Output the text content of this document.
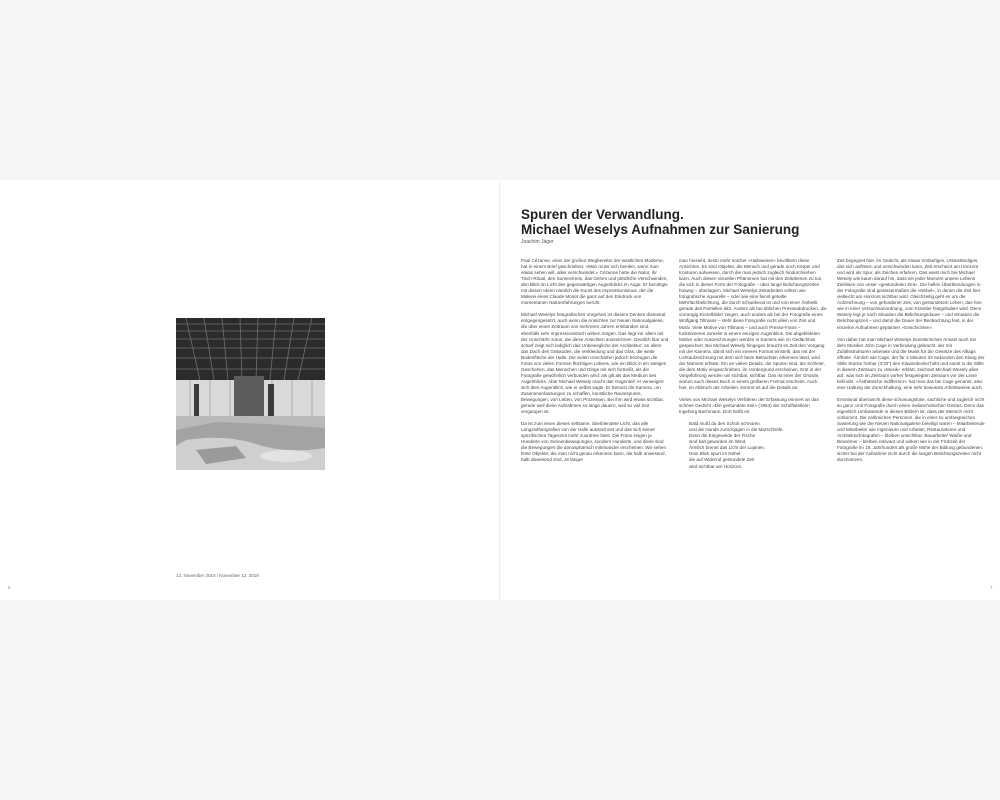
12. November 2019 / November 12, 2019
6
Spuren der Verwandlung.
Michael Weselys Aufnahmen zur Sanierung
Joachim Jäger

Paul Cézanne, einer der großen Wegbereiter der westlichen Moderne, hat in einem Brief geschrieben: »Man muss sich beeilen, wenn man etwas sehen will, alles verschwindet.« Cézanne hatte die Natur, ihr Tisch-Ritual, den Sonnenkreis, das Gehen und plötzliche Verschwinden, den Blick im Licht des gegenwärtigen Augenblicks im Auge. Er benötigte mit diesen Ideen nämlich die Kunst des Impressionismus, der die Malerei eines Claude Monet die ganz auf den Eindruck von momentanen Naturerfahrungen beruht.

Michael Weselys fotografisches Vorgehen ist diesem Denken diametral entgegengesetzt, auch wenn die Ansichten zur Neuen Nationalgalerie, die über einen Zeitraum von mehreren Jahren entstanden sind, ebenfalls sehr impressionistisch wirken mögen. Das liegt vor allem mit der Unschärfe zutun, die diese Ansichten auszeichnen. Deutlich klar und scharf zeigt sich lediglich das Unbewegliche der Architektur: an allem das Dach des Gebäudes, die Verkleidung und das Glas, die weite Bodenfläche der Halle. Die vielen Unschärfen jedoch bezeugen die Fotos von vielen Formen flüchtigen Lebens, wie ein Blick in ein stetiges Geschehen, das Menschen und Dinge mit sich fortreißt, als die Fotografie gewöhnlich verbunden wird: als gilt als das Medium des Augenblicks. Aber Michael Wesely macht das Gegenteil: er verweigert sich dem Augenblick, wie er selbst sagte. Er benutzt die Kamera, um Zusammenfassungen zu schaffen, kunstliche Raumspuren, Bewegungen, von Leben, von Prozessen. Bei ihm wird etwas sichtbar, gerade weil diese Aufnahmen so lange dauern, weil so viel Zeit vergangen ist.

Da ist zum einen dieses seltsame, überblendete Licht, das alle Langzeitfotografien von der Halle auszeichnet und das sich keiner spezifischen Tageszeit mehr zuordnen lässt. Die Fotos zeigen ja Hunderte von Sonnenbewegungen, sondern Hunderte, und diese sind die Bewegungen die atmosphärisch miteinander erscheinen. Wir sehen feste Objekte, die man nicht genau erkennen kann, die halb anwesend, halb abwesend sind. Je länger

man hinsieht, desto mehr solcher »Halbwesen« bevölkern diese Ansichten. Es sind Objekte, die Mensch und gerade noch Körper und Konturen aufweisen, durch die man jedoch zugleich hindurchsehen kann. Auch diesen visuellen Phänomen hat mit den Zeitebenen zu tun, die sich in dieser Form der Fotografie – über lange Belichtungszeiten hinweg – überlagern. Michael Weselys Zeitarbeiten wirken wie fotografische Aquarelle – oder wie eine feinst geteilte Mehrfachbelichtung, die durch schwebend ist und von einer Ästhetik gerade des Partiellen lebt. Anders als bei üblichen Presseabdrucken, die vorrangig Einzelbilder zeigen, auch anders als bei der Fotografie eines Wolfgang Tillmans – steht diese Fotografie nicht allein von Zeit und Motiv. Viele Motive von Tillmans – und auch Presse-Fotos – funktionieren zumeist in einem einzigen Augenblick. Die abgebildeten Motive oder Auszeichnungen werden in Kamera wie im Gedächtnis gespeichert. Bei Michael Wesely hingegen braucht es Zeit den Vorgang mit der Kamera, damit sich ein inneres Format einstellt, das mit der Lichtaufzeichnung mit dem sich beim Betrachten erkennen lässt, wird der Moment erfasst. Ein an vielen Details, die Spuren sind, die Schleier, die dem Motiv eingeschrieben, im Vordergrund erscheinen. Erst in der Vorgeführung werden wir sichtbar, sichtbar. Das ist einer der Gründe, warum auch dieses Buch in einem größeren Format erscheint. Auch hier, im Abbruch der Arbeiten, kommt es auf die Details an.

Vieles von Michael Weselys Verfahren der Erfassung erinnert an das schöne Gedicht »Die gestundete Zeit« (1953) der Schriftstellerin Ingeborg Bachmann. Dort heißt es:

Bald mußt du den Schuh schnüren
und die Hunde zurückjagen in die Marschhöfe.
Denn die Eingeweide der Fische
sind kalt geworden im Wind.
Ärmlich brennt das Licht der Lupinen.
Dein Blick spurt im Nebel:
die auf Widerruf gestundete Zeit
wird sichtbar am Horizont.

Zeit begegnet hier, im Gedicht, als etwas Vorläufiges, Unbeständiges, das sich auflösen und verschwinden kann. Zeit erscheint am Horizont und wird als Spur, als Zeichen erfahren. Das weist mich bei Michael Wesely wie kaum darauf hin, dass ein jeder Moment unsere Lebens Zeitlinien von unser »gestundeten Zeit«. Die hellen Überblendungen in der Fotografie sind gewissermaßen die »Nebel«, in denen die Zeit hier vielleicht am Horizont sichtbar wird. Gleichzeitig geht es um die Aufzeichnung – von gefundener Zeit, von gestundetem Leben, das hier, wie in einer Versuchsanordnung, vom Künstler festgehalten wird. Denn Wesely legt je nach Situation die Belichtungsdauer – und Situation die Belichtungszeit – und damit die Dauer der Beobachtung fest, in der einzelne Aufnahmen geplanten »Geschichten«.

Von daher hat man Michael Weselys künstlerischen Ansatz auch mit dem Musiker John Cage in Verbindung gebracht, der mit Zufallsstrukturen arbeitete und die Musik für die Gesetze des Alltags öffnete. Ähnlich wie Cage, der für 4 Minuten 33 Sekunden den Klang der Stille Stücke hörbar (4'33") den Klavierdeckel hebt und somit in die Stille in diesem Zeitraum zu »Musik« erklärt, zeichnet Michael Wesely alles auf, was sich im Zeitraum vorher festgelegten Zeitraum vor der Linse befindet. »Ästhetische Indifferenz« hat man das bei Cage genannt, also eine Haltung der Zurückhaltung, eine sehr bewusste Arbeitsweise auch.

Emotional überrascht diese schonungslose, sachliche und zugleich nicht so ganz »mit Fotografie durch einen melancholischen Gestus. Denn das eigentlich Umfassende in diesen Bildern ist, dass der Mensch nicht vorkommt. Die zahlreichen Personen, die in einer so umfangreichen Sanierung wie der Neuen Nationalgalerie beteiligt waren – Mitarbeitende und Mitarbeiter wie Ingenieure und Arbeiter, Restauratoren und Architekturfotografen – bleiben unsichtbar. Bauarbeiter Weiße und Bewohner – bleiben relevant und wirken wie in der Frühzeit der Fotografie im 19. Jahrhundert als große Mühe der Bildung gebundenen, sicher bei der Aufnahme nicht durch die langen Belichtungszeiten nicht durchsetzen.

7
